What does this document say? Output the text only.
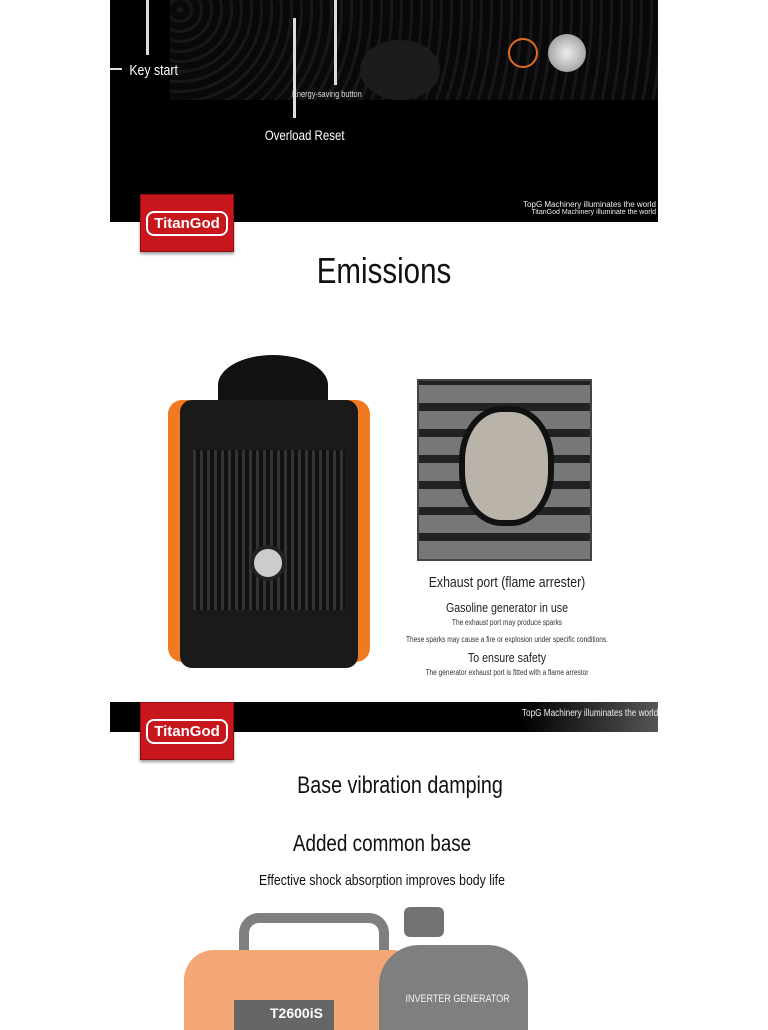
Key start
Energy-saving button
Overload Reset
TopG Machinery illuminates the world
TitanGod Machinery illuminate the world
TitanGod
Emissions
Exhaust port (flame arrester)
Gasoline generator in use
The exhaust port may produce sparks
These sparks may cause a fire or explosion under specific conditions.
To ensure safety
The generator exhaust port is fitted with a flame arrestor
TopG Machinery illuminates the world
TitanGod
Base vibration damping
Added common base
Effective shock absorption improves body life
INVERTER GENERATOR
T2600iS
